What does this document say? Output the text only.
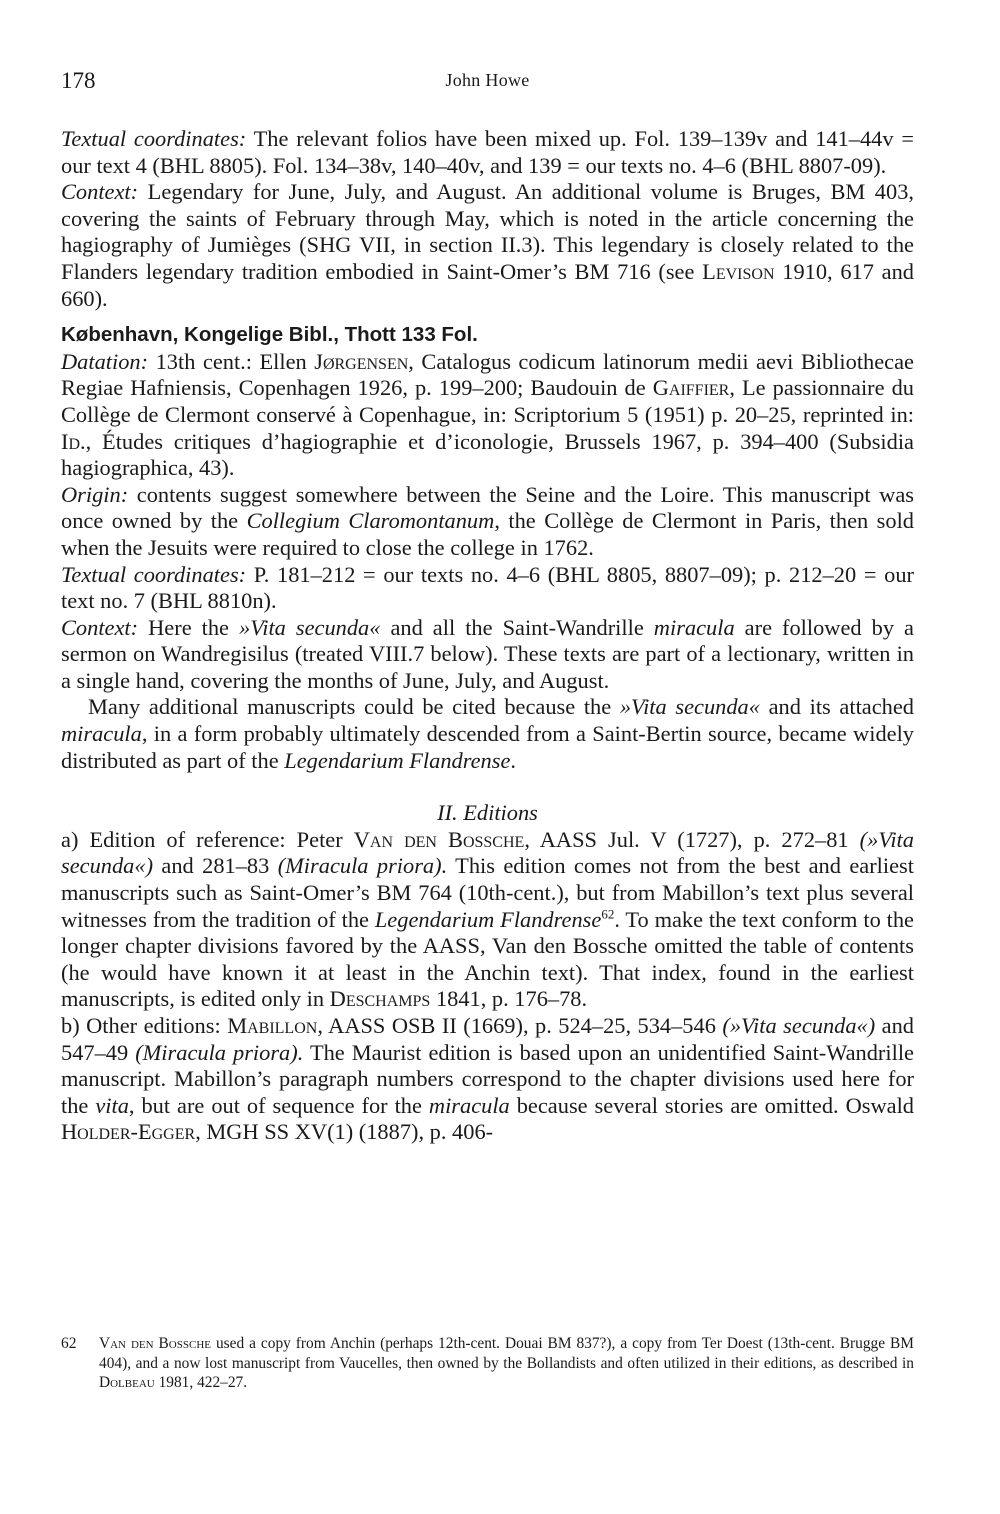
178	John Howe

Textual coordinates: The relevant folios have been mixed up. Fol. 139–139v and 141–44v = our text 4 (BHL 8805). Fol. 134–38v, 140–40v, and 139 = our texts no. 4–6 (BHL 8807-09).

Context: Legendary for June, July, and August. An additional volume is Bruges, BM 403, covering the saints of February through May, which is noted in the article concerning the hagiography of Jumièges (SHG VII, in section II.3). This legendary is closely related to the Flanders legendary tradition embodied in Saint-Omer’s BM 716 (see Levison 1910, 617 and 660).

København, Kongelige Bibl., Thott 133 Fol.

Datation: 13th cent.: Ellen Jørgensen, Catalogus codicum latinorum medii aevi Bibliothecae Regiae Hafniensis, Copenhagen 1926, p. 199–200; Baudouin de Gaiffier, Le passionnaire du Collège de Clermont conservé à Copenhague, in: Scriptorium 5 (1951) p. 20–25, reprinted in: Id., Études critiques d’hagiographie et d’iconologie, Brussels 1967, p. 394–400 (Subsidia hagiographica, 43).

Origin: contents suggest somewhere between the Seine and the Loire. This manuscript was once owned by the Collegium Claromontanum, the Collège de Clermont in Paris, then sold when the Jesuits were required to close the college in 1762.

Textual coordinates: P. 181–212 = our texts no. 4–6 (BHL 8805, 8807–09); p. 212–20 = our text no. 7 (BHL 8810n).

Context: Here the »Vita secunda« and all the Saint-Wandrille miracula are followed by a sermon on Wandregisilus (treated VIII.7 below). These texts are part of a lectionary, written in a single hand, covering the months of June, July, and August.

Many additional manuscripts could be cited because the »Vita secunda« and its attached miracula, in a form probably ultimately descended from a Saint-Bertin source, became widely distributed as part of the Legendarium Flandrense.

II. Editions

a) Edition of reference: Peter Van den Bossche, AASS Jul. V (1727), p. 272–81 (»Vita secunda«) and 281–83 (Miracula priora). This edition comes not from the best and earliest manuscripts such as Saint-Omer’s BM 764 (10th-cent.), but from Mabillon’s text plus several witnesses from the tradition of the Legendarium Flandrense$^{62}$. To make the text conform to the longer chapter divisions favored by the AASS, Van den Bossche omitted the table of contents (he would have known it at least in the Anchin text). That index, found in the earliest manuscripts, is edited only in Deschamps 1841, p. 176–78.

b) Other editions: Mabillon, AASS OSB II (1669), p. 524–25, 534–546 (»Vita secunda«) and 547–49 (Miracula priora). The Maurist edition is based upon an unidentified Saint-Wandrille manuscript. Mabillon’s paragraph numbers correspond to the chapter divisions used here for the vita, but are out of sequence for the miracula because several stories are omitted. Oswald Holder-Egger, MGH SS XV(1) (1887), p. 406-

62	Van den Bossche used a copy from Anchin (perhaps 12th-cent. Douai BM 837?), a copy from Ter Doest (13th-cent. Brugge BM 404), and a now lost manuscript from Vaucelles, then owned by the Bollandists and often utilized in their editions, as described in Dolbeau 1981, 422–27.
